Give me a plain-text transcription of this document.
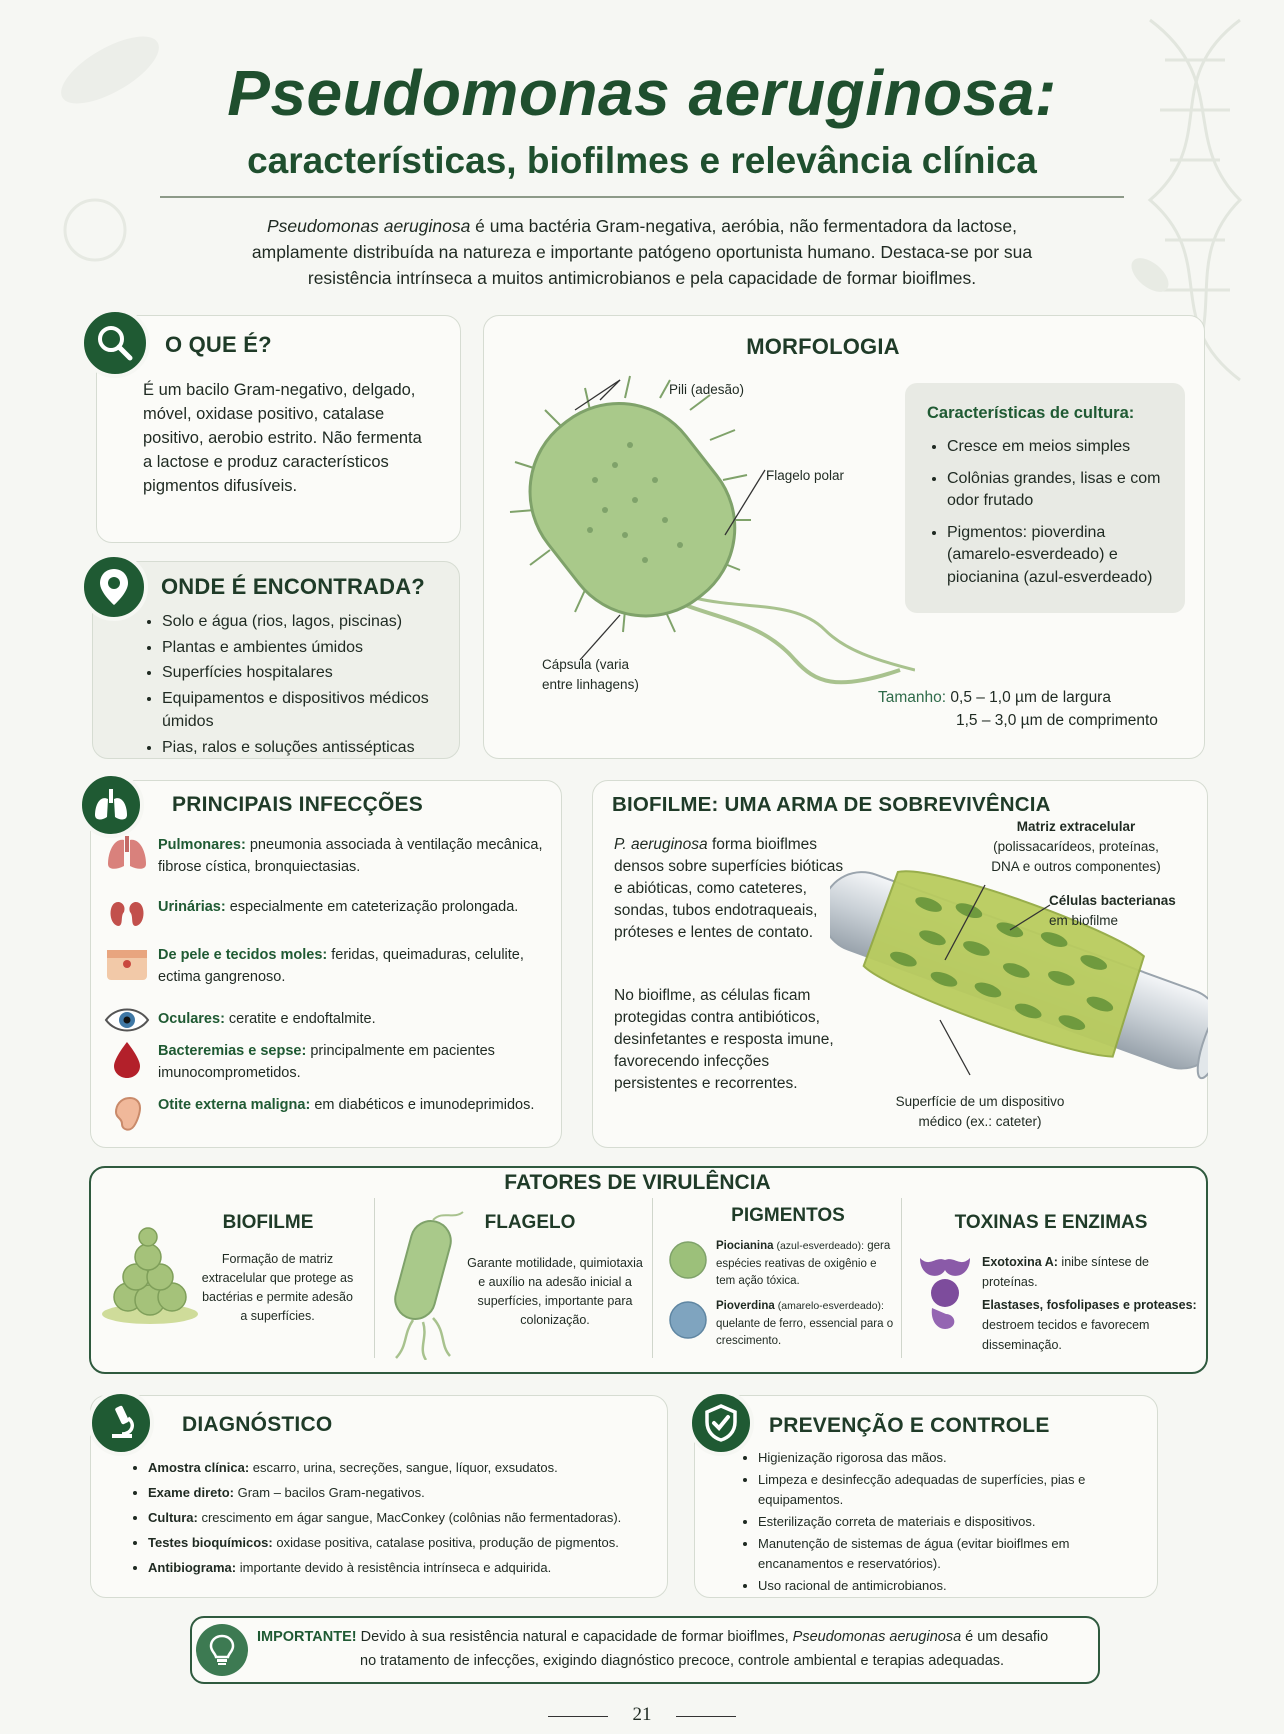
Pseudomonas aeruginosa:
características, biofilmes e relevância clínica
Pseudomonas aeruginosa é uma bactéria Gram-negativa, aeróbia, não fermentadora da lactose,
amplamente distribuída na natureza e importante patógeno oportunista humano. Destaca-se por sua
resistência intrínseca a muitos antimicrobianos e pela capacidade de formar bioiflmes.
O QUE É?
É um bacilo Gram-negativo, delgado, móvel, oxidase positivo, catalase positivo, aerobio estrito. Não fermenta a lactose e produz característicos pigmentos difusíveis.
ONDE É ENCONTRADA?
• Solo e água (rios, lagos, piscinas)
• Plantas e ambientes úmidos
• Superfícies hospitalares
• Equipamentos e dispositivos médicos úmidos
• Pias, ralos e soluções antissépticas
MORFOLOGIA
Pili (adesão)
Flagelo polar
Cápsula (varia
entre linhagens)
Características de cultura:
• Cresce em meios simples
• Colônias grandes, lisas e com odor frutado
• Pigmentos: pioverdina (amarelo-esverdeado) e piocianina (azul-esverdeado)
Tamanho: 0,5 – 1,0 µm de largura
1,5 – 3,0 µm de comprimento
PRINCIPAIS INFECÇÕES
Pulmonares: pneumonia associada à ventilação mecânica, fibrose cística, bronquiectasias.
Urinárias: especialmente em cateterização prolongada.
De pele e tecidos moles: feridas, queimaduras, celulite, ectima gangrenoso.
Oculares: ceratite e endoftalmite.
Bacteremias e sepse: principalmente em pacientes imunocomprometidos.
Otite externa maligna: em diabéticos e imunodeprimidos.
BIOFILME: UMA ARMA DE SOBREVIVÊNCIA
P. aeruginosa forma bioiflmes densos sobre superfícies bióticas e abióticas, como cateteres, sondas, tubos endotraqueais, próteses e lentes de contato.
No bioiflme, as células ficam protegidas contra antibióticos, desinfetantes e resposta imune, favorecendo infecções persistentes e recorrentes.
Matriz extracelular
(polissacarídeos, proteínas,
DNA e outros componentes)
Células bacterianas
em biofilme
Superfície de um dispositivo
médico (ex.: cateter)
FATORES DE VIRULÊNCIA
BIOFILME
Formação de matriz extracelular que protege as bactérias e permite adesão a superfícies.
FLAGELO
Garante motilidade, quimiotaxia e auxílio na adesão inicial a superfícies, importante para colonização.
PIGMENTOS
Piocianina (azul-esverdeado): gera espécies reativas de oxigênio e tem ação tóxica.
Pioverdina (amarelo-esverdeado): quelante de ferro, essencial para o crescimento.
TOXINAS E ENZIMAS
Exotoxina A: inibe síntese de proteínas.
Elastases, fosfolipases e proteases: destroem tecidos e favorecem disseminação.
DIAGNÓSTICO
• Amostra clínica: escarro, urina, secreções, sangue, líquor, exsudatos.
• Exame direto: Gram – bacilos Gram-negativos.
• Cultura: crescimento em ágar sangue, MacConkey (colônias não fermentadoras).
• Testes bioquímicos: oxidase positiva, catalase positiva, produção de pigmentos.
• Antibiograma: importante devido à resistência intrínseca e adquirida.
PREVENÇÃO E CONTROLE
• Higienização rigorosa das mãos.
• Limpeza e desinfecção adequadas de superfícies, pias e equipamentos.
• Esterilização correta de materiais e dispositivos.
• Manutenção de sistemas de água (evitar bioiflmes em encanamentos e reservatórios).
• Uso racional de antimicrobianos.
IMPORTANTE! Devido à sua resistência natural e capacidade de formar bioiflmes, Pseudomonas aeruginosa é um desafio
no tratamento de infecções, exigindo diagnóstico precoce, controle ambiental e terapias adequadas.
21
